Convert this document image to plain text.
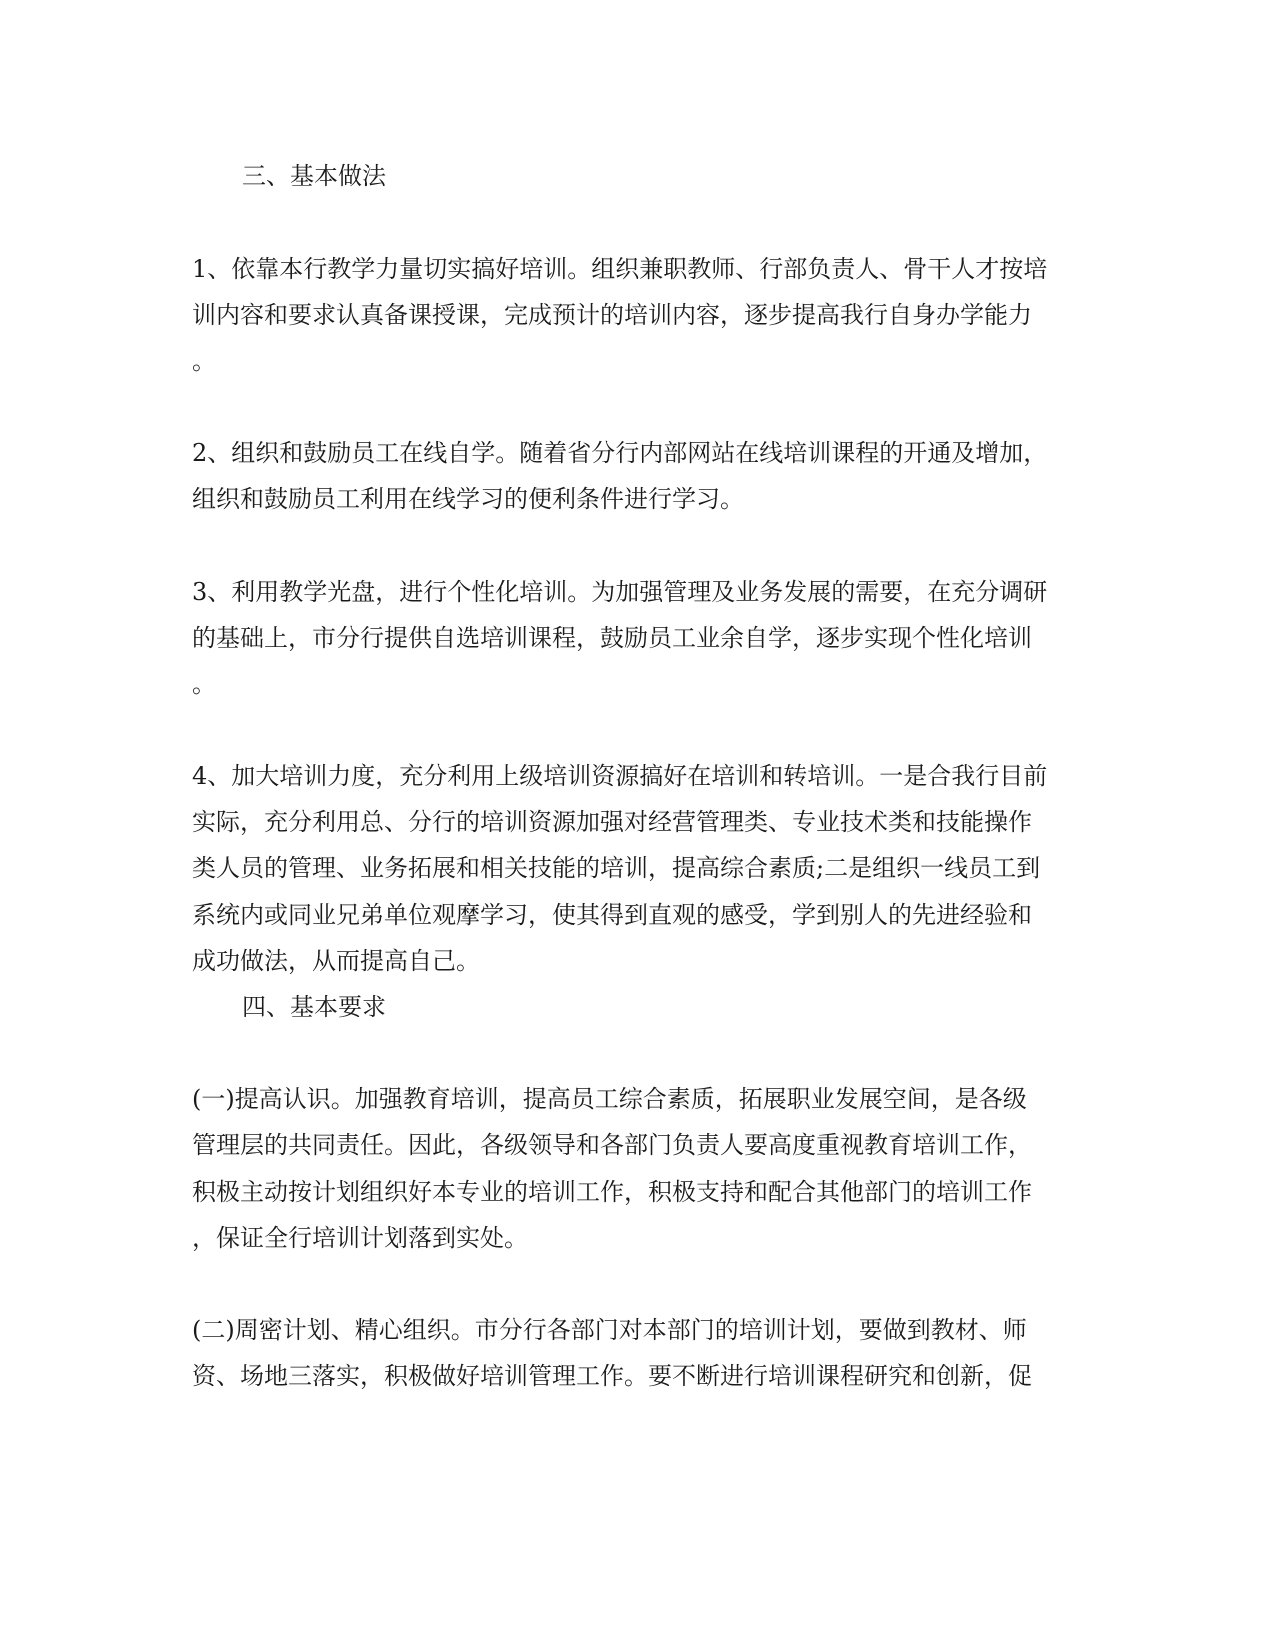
三、基本做法
1、依靠本行教学力量切实搞好培训。组织兼职教师、行部负责人、骨干人才按培
训内容和要求认真备课授课，完成预计的培训内容，逐步提高我行自身办学能力
。
2、组织和鼓励员工在线自学。随着省分行内部网站在线培训课程的开通及增加，
组织和鼓励员工利用在线学习的便利条件进行学习。
3、利用教学光盘，进行个性化培训。为加强管理及业务发展的需要，在充分调研
的基础上，市分行提供自选培训课程，鼓励员工业余自学，逐步实现个性化培训
。
4、加大培训力度，充分利用上级培训资源搞好在培训和转培训。一是合我行目前
实际，充分利用总、分行的培训资源加强对经营管理类、专业技术类和技能操作
类人员的管理、业务拓展和相关技能的培训，提高综合素质;二是组织一线员工到
系统内或同业兄弟单位观摩学习，使其得到直观的感受，学到别人的先进经验和
成功做法，从而提高自己。
四、基本要求
(一)提高认识。加强教育培训，提高员工综合素质，拓展职业发展空间，是各级
管理层的共同责任。因此，各级领导和各部门负责人要高度重视教育培训工作，
积极主动按计划组织好本专业的培训工作，积极支持和配合其他部门的培训工作
，保证全行培训计划落到实处。
(二)周密计划、精心组织。市分行各部门对本部门的培训计划，要做到教材、师
资、场地三落实，积极做好培训管理工作。要不断进行培训课程研究和创新，促
